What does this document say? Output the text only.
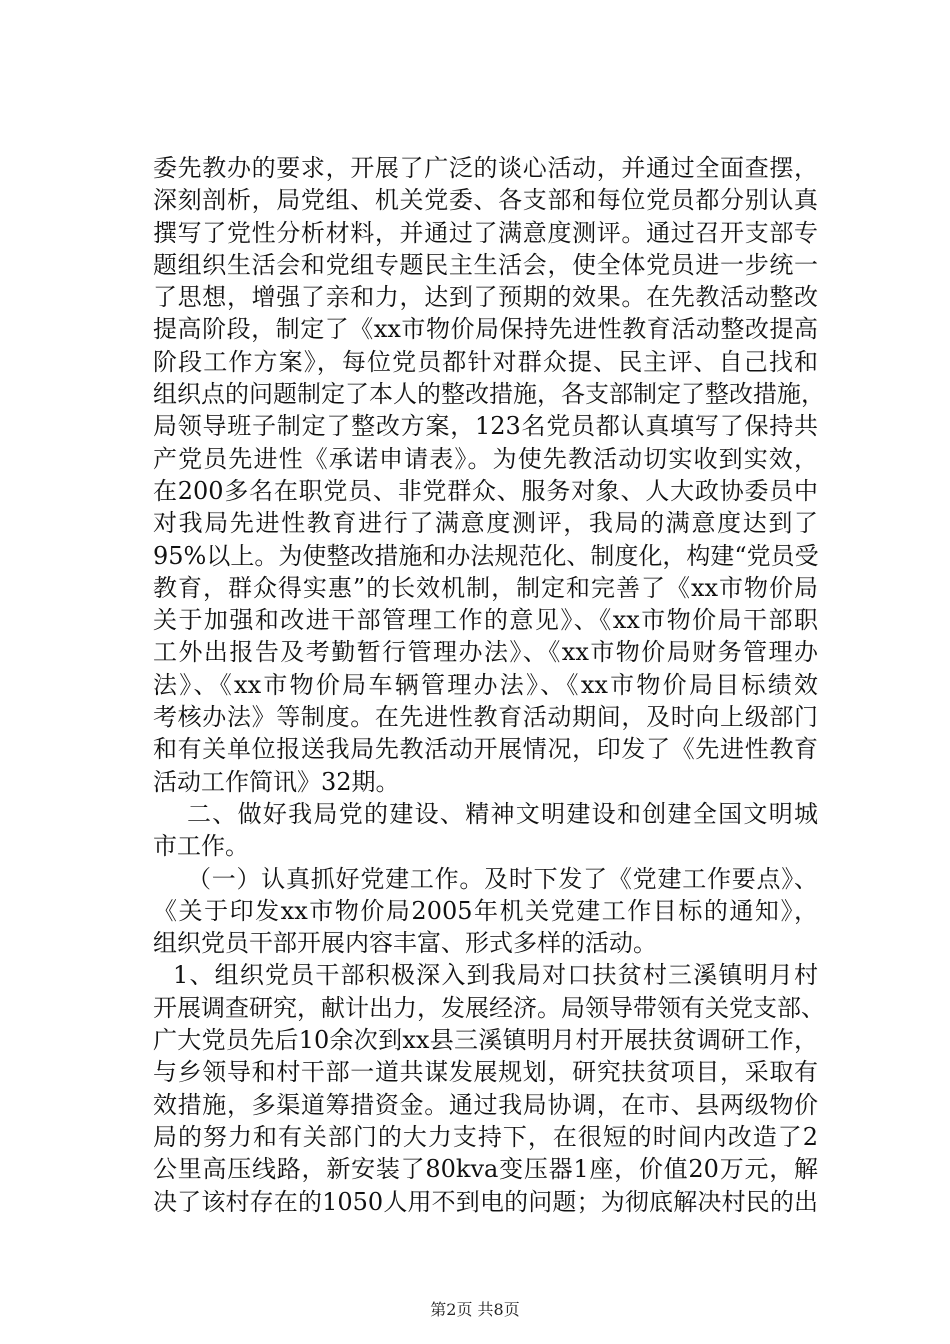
委先教办的要求，开展了广泛的谈心活动，并通过全面查摆，
深刻剖析，局党组、机关党委、各支部和每位党员都分别认真
撰写了党性分析材料，并通过了满意度测评。通过召开支部专
题组织生活会和党组专题民主生活会，使全体党员进一步统一
了思想，增强了亲和力，达到了预期的效果。在先教活动整改
提高阶段，制定了《xx市物价局保持先进性教育活动整改提高
阶段工作方案》，每位党员都针对群众提、民主评、自己找和
组织点的问题制定了本人的整改措施，各支部制定了整改措施，
局领导班子制定了整改方案，123名党员都认真填写了保持共
产党员先进性《承诺申请表》。为使先教活动切实收到实效，
在200多名在职党员、非党群众、服务对象、人大政协委员中
对我局先进性教育进行了满意度测评，我局的满意度达到了
95%以上。为使整改措施和办法规范化、制度化，构建“党员受
教育，群众得实惠”的长效机制，制定和完善了《xx市物价局
关于加强和改进干部管理工作的意见》、《xx市物价局干部职
工外出报告及考勤暂行管理办法》、《xx市物价局财务管理办
法》、《xx市物价局车辆管理办法》、《xx市物价局目标绩效
考核办法》等制度。在先进性教育活动期间，及时向上级部门
和有关单位报送我局先教活动开展情况，印发了《先进性教育
活动工作简讯》32期。
二、做好我局党的建设、精神文明建设和创建全国文明城
市工作。
（一）认真抓好党建工作。及时下发了《党建工作要点》、
《关于印发xx市物价局2005年机关党建工作目标的通知》，
组织党员干部开展内容丰富、形式多样的活动。
1、组织党员干部积极深入到我局对口扶贫村三溪镇明月村
开展调查研究，献计出力，发展经济。局领导带领有关党支部、
广大党员先后10余次到xx县三溪镇明月村开展扶贫调研工作，
与乡领导和村干部一道共谋发展规划，研究扶贫项目，采取有
效措施，多渠道筹措资金。通过我局协调，在市、县两级物价
局的努力和有关部门的大力支持下，在很短的时间内改造了2
公里高压线路，新安装了80kva变压器1座，价值20万元，解
决了该村存在的1050人用不到电的问题；为彻底解决村民的出
第2页 共8页
